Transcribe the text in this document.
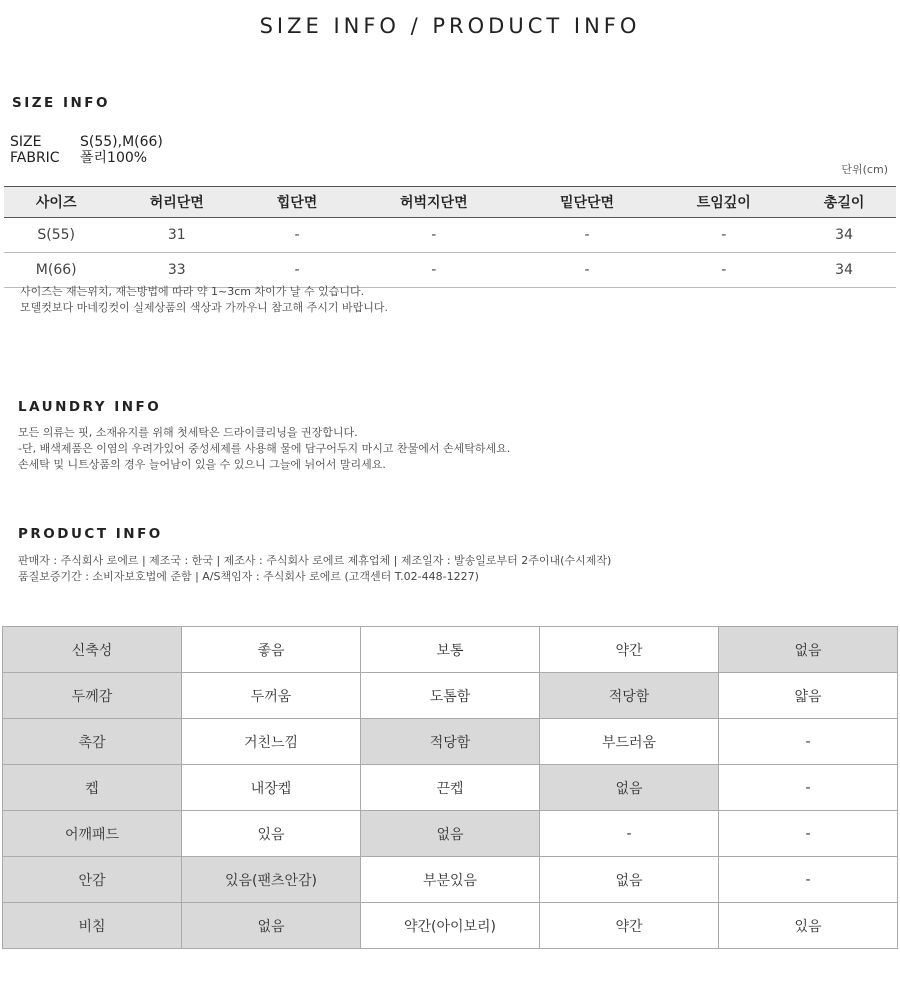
SIZE INFO / PRODUCT INFO
SIZE INFO
SIZE	S(55),M(66)
FABRIC	폴리100%
단위(cm)
사이즈	허리단면	힙단면	허벅지단면	밑단단면	트임깊이	총길이
S(55)	31	-	-	-	-	34
M(66)	33	-	-	-	-	34
사이즈는 재는위치, 재는방법에 따라 약 1~3cm 차이가 날 수 있습니다.
모델컷보다 마네킹컷이 실제상품의 색상과 가까우니 참고해 주시기 바랍니다.
LAUNDRY INFO
모든 의류는 핏, 소재유지를 위해 첫세탁은 드라이클리닝을 권장합니다.
-단, 배색제품은 이염의 우려가있어 중성세제를 사용해 물에 담구어두지 마시고 찬물에서 손세탁하세요.
손세탁 및 니트상품의 경우 늘어남이 있을 수 있으니 그늘에 뉘어서 말리세요.
PRODUCT INFO
판매자 : 주식회사 로에르 | 제조국 : 한국 | 제조사 : 주식회사 로에르 제휴업체 | 제조일자 : 발송일로부터 2주이내(수시제작)
품질보증기간 : 소비자보호법에 준함 | A/S책임자 : 주식회사 로에르 (고객센터 T.02-448-1227)
신축성	좋음	보통	약간	없음
두께감	두꺼움	도톰함	적당함	얇음
촉감	거친느낌	적당함	부드러움	-
켑	내장켑	끈켑	없음	-
어깨패드	있음	없음	-	-
안감	있음(팬츠안감)	부분있음	없음	-
비침	없음	약간(아이보리)	약간	있음
